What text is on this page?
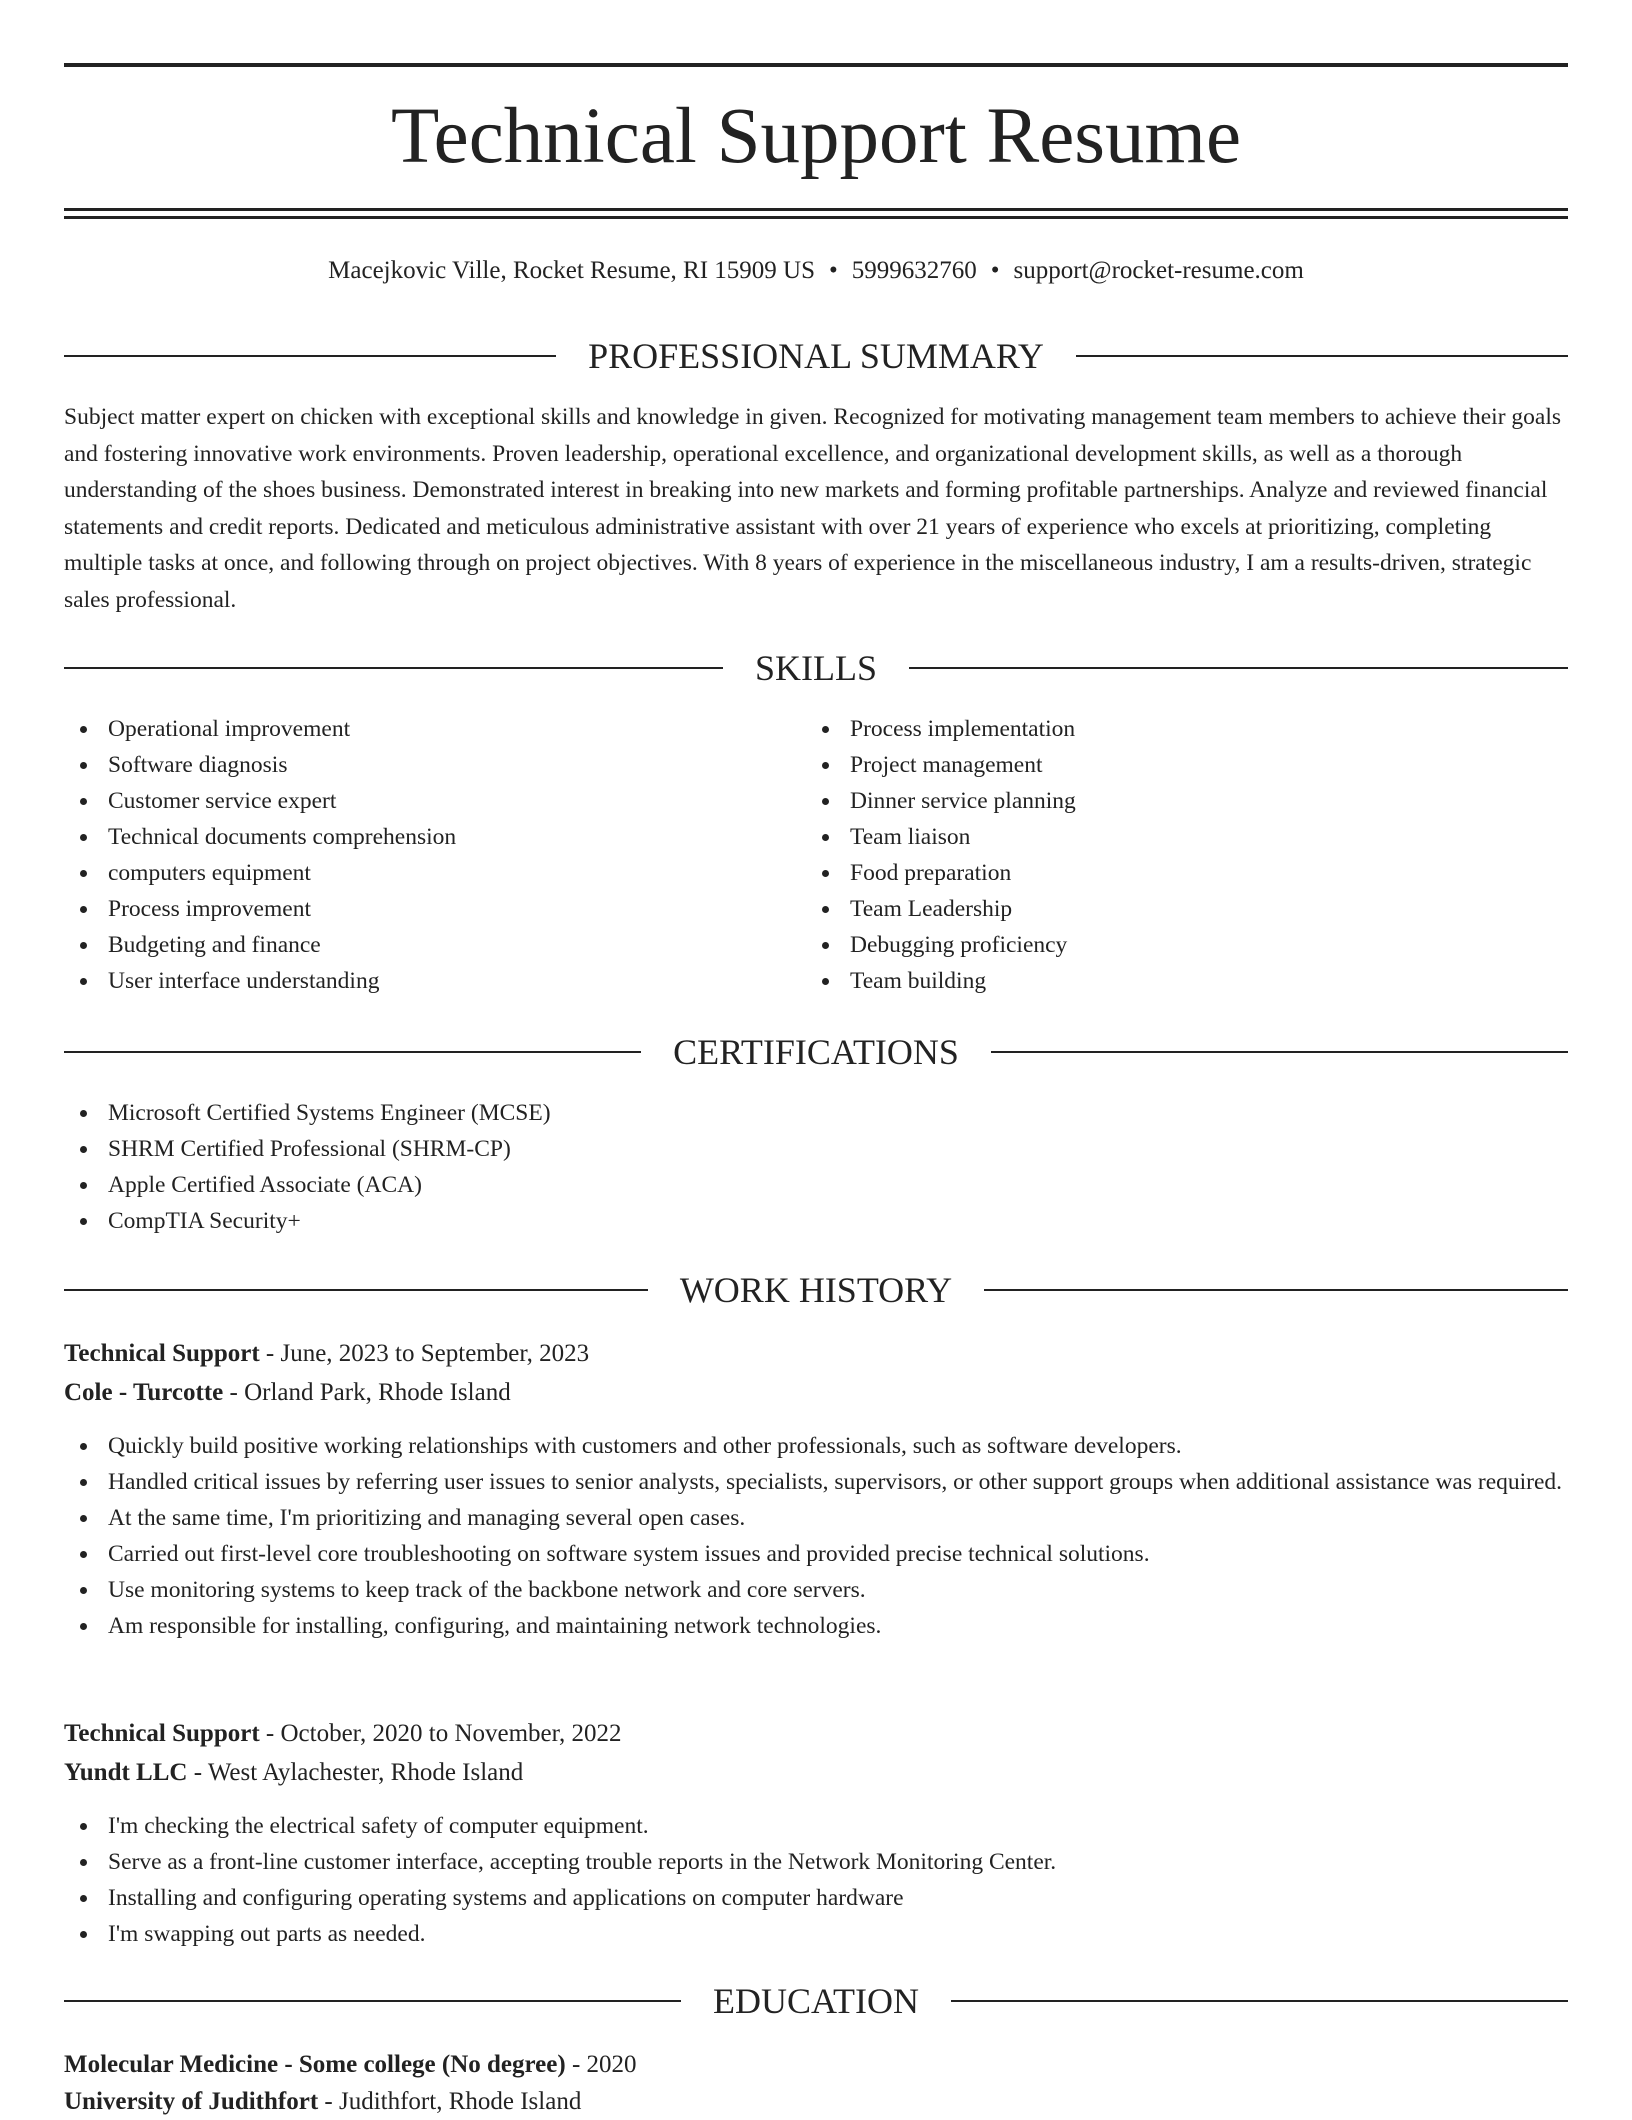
Technical Support Resume
Macejkovic Ville, Rocket Resume, RI 15909 US • 5999632760 • support@rocket-resume.com
PROFESSIONAL SUMMARY
Subject matter expert on chicken with exceptional skills and knowledge in given. Recognized for motivating management team members to achieve their goals and fostering innovative work environments. Proven leadership, operational excellence, and organizational development skills, as well as a thorough understanding of the shoes business. Demonstrated interest in breaking into new markets and forming profitable partnerships. Analyze and reviewed financial statements and credit reports. Dedicated and meticulous administrative assistant with over 21 years of experience who excels at prioritizing, completing multiple tasks at once, and following through on project objectives. With 8 years of experience in the miscellaneous industry, I am a results-driven, strategic sales professional.
SKILLS
Operational improvement
Software diagnosis
Customer service expert
Technical documents comprehension
computers equipment
Process improvement
Budgeting and finance
User interface understanding
Process implementation
Project management
Dinner service planning
Team liaison
Food preparation
Team Leadership
Debugging proficiency
Team building
CERTIFICATIONS
Microsoft Certified Systems Engineer (MCSE)
SHRM Certified Professional (SHRM-CP)
Apple Certified Associate (ACA)
CompTIA Security+
WORK HISTORY
Technical Support - June, 2023 to September, 2023
Cole - Turcotte - Orland Park, Rhode Island
Quickly build positive working relationships with customers and other professionals, such as software developers.
Handled critical issues by referring user issues to senior analysts, specialists, supervisors, or other support groups when additional assistance was required.
At the same time, I'm prioritizing and managing several open cases.
Carried out first-level core troubleshooting on software system issues and provided precise technical solutions.
Use monitoring systems to keep track of the backbone network and core servers.
Am responsible for installing, configuring, and maintaining network technologies.
Technical Support - October, 2020 to November, 2022
Yundt LLC - West Aylachester, Rhode Island
I'm checking the electrical safety of computer equipment.
Serve as a front-line customer interface, accepting trouble reports in the Network Monitoring Center.
Installing and configuring operating systems and applications on computer hardware
I'm swapping out parts as needed.
EDUCATION
Molecular Medicine - Some college (No degree) - 2020
University of Judithfort - Judithfort, Rhode Island
